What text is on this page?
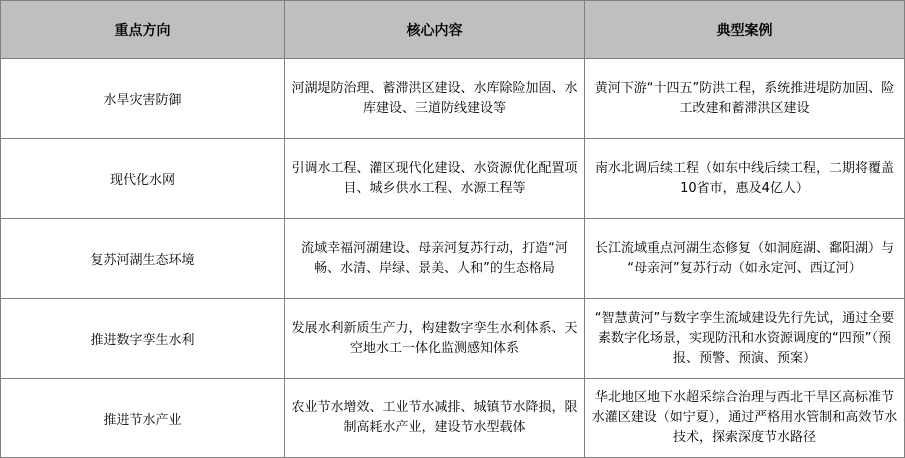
重点方向	核心内容	典型案例
水旱灾害防御	河湖堤防治理、蓄滞洪区建设、水库除险加固、水库建设、三道防线建设等	黄河下游“十四五”防洪工程，系统推进堤防加固、险工改建和蓄滞洪区建设
现代化水网	引调水工程、灌区现代化建设、水资源优化配置项目、城乡供水工程、水源工程等	南水北调后续工程（如东中线后续工程，二期将覆盖10省市，惠及4亿人）
复苏河湖生态环境	流域幸福河湖建设、母亲河复苏行动，打造“河畅、水清、岸绿、景美、人和”的生态格局	长江流域重点河湖生态修复（如洞庭湖、鄱阳湖）与 “母亲河”复苏行动（如永定河、西辽河）
推进数字孪生水利	发展水利新质生产力，构建数字孪生水利体系、天空地水工一体化监测感知体系	“智慧黄河”与数字孪生流域建设先行先试，通过全要素数字化场景，实现防汛和水资源调度的“四预”（预报、预警、预演、预案）
推进节水产业	农业节水增效、工业节水减排、城镇节水降损，限制高耗水产业，建设节水型载体	华北地区地下水超采综合治理与西北干旱区高标准节水灌区建设（如宁夏），通过严格用水管制和高效节水技术，探索深度节水路径
